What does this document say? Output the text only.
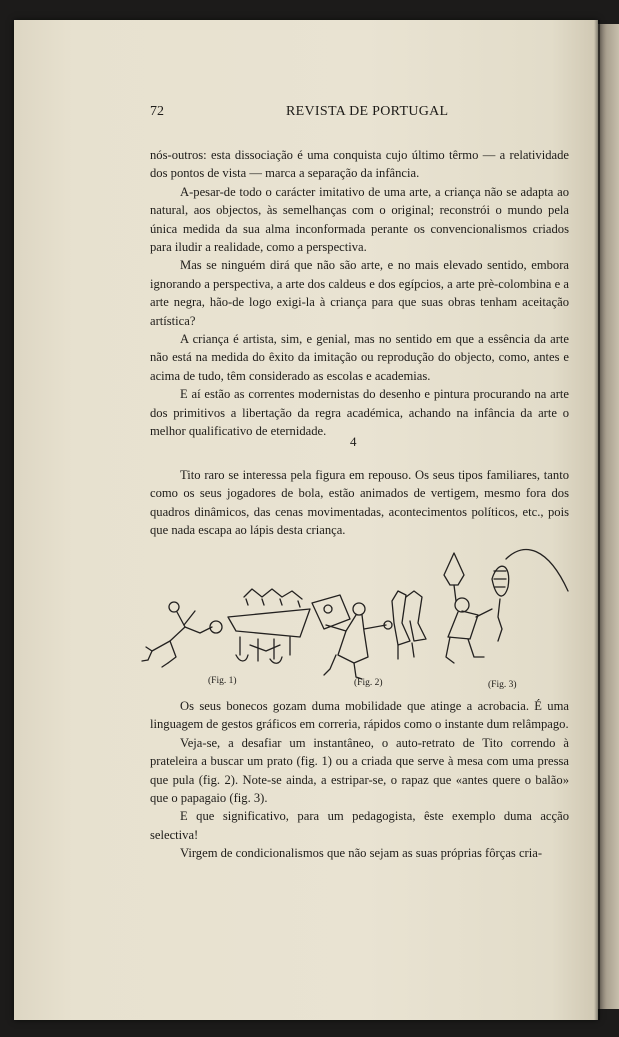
72	REVISTA DE PORTUGAL

nós-outros: esta dissociação é uma conquista cujo último têrmo — a relatividade dos pontos de vista — marca a separação da infância.

A-pesar-de todo o carácter imitativo de uma arte, a criança não se adapta ao natural, aos objectos, às semelhanças com o original; reconstrói o mundo pela única medida da sua alma inconformada perante os convencionalismos criados para iludir a realidade, como a perspectiva.

Mas se ninguém dirá que não são arte, e no mais elevado sentido, embora ignorando a perspectiva, a arte dos caldeus e dos egípcios, a arte prè-colombina e a arte negra, hão-de logo exigi-la à criança para que suas obras tenham aceitação artística?

A criança é artista, sim, e genial, mas no sentido em que a essência da arte não está na medida do êxito da imitação ou reprodução do objecto, como, antes e acima de tudo, têm considerado as escolas e academias.

E aí estão as correntes modernistas do desenho e pintura procurando na arte dos primitivos a libertação da regra académica, achando na infância da arte o melhor qualificativo de eternidade.

4

Tito raro se interessa pela figura em repouso. Os seus tipos familiares, tanto como os seus jogadores de bola, estão animados de vertigem, mesmo fora dos quadros dinâmicos, das cenas movimentadas, acontecimentos políticos, etc., pois que nada escapa ao lápis desta criança.

(Fig. 1)	(Fig. 2)	(Fig. 3)

Os seus bonecos gozam duma mobilidade que atinge a acrobacia. É uma linguagem de gestos gráficos em correria, rápidos como o instante dum relâmpago.

Veja-se, a desafiar um instantâneo, o auto-retrato de Tito correndo à prateleira a buscar um prato (fig. 1) ou a criada que serve à mesa com uma pressa que pula (fig. 2). Note-se ainda, a estripar-se, o rapaz que «antes quere o balão» que o papagaio (fig. 3).

E que significativo, para um pedagogista, êste exemplo duma acção selectiva!

Virgem de condicionalismos que não sejam as suas próprias fôrças cria-
